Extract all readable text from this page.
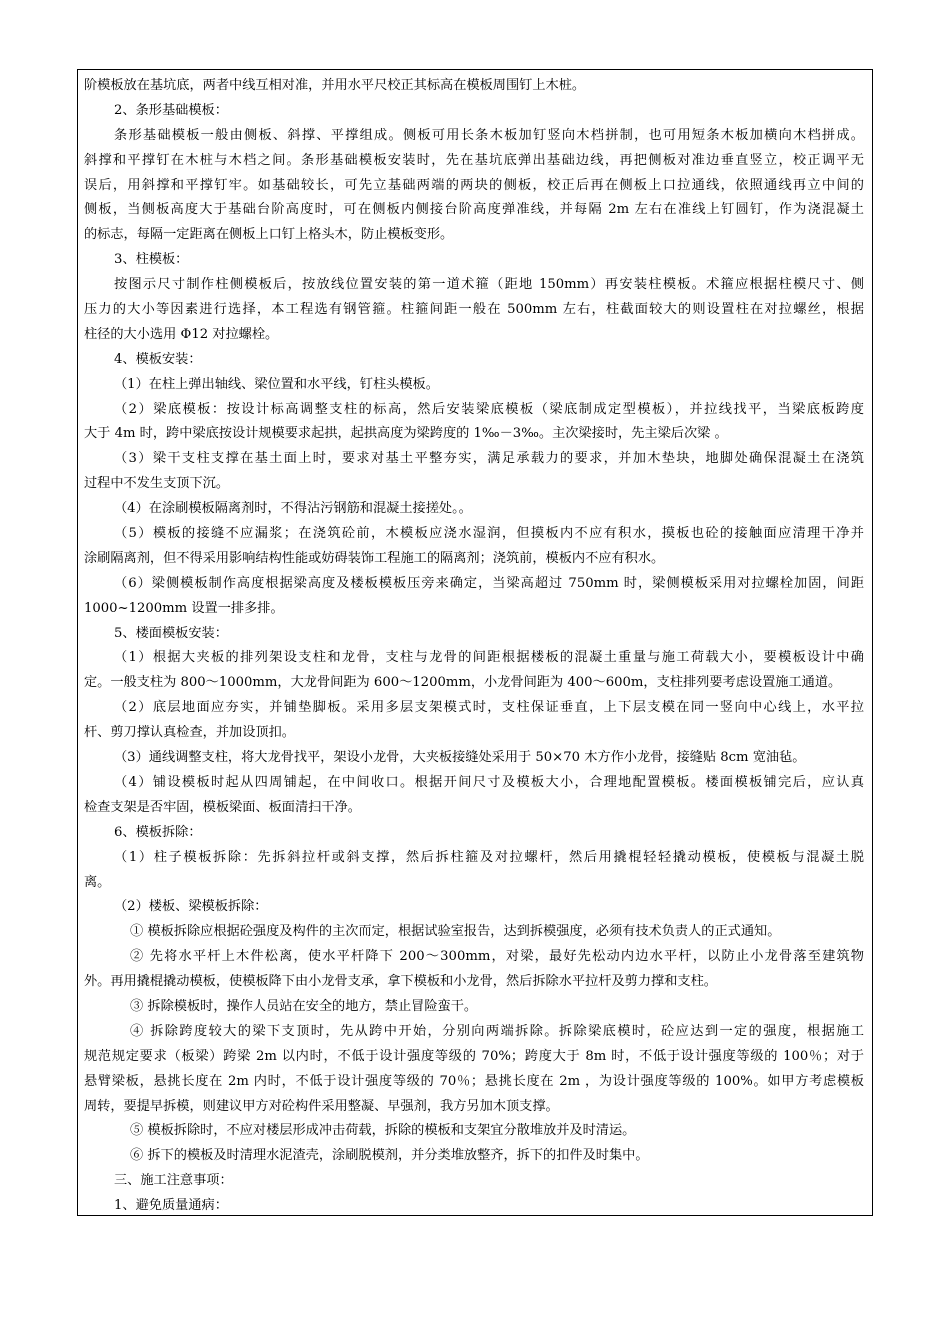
阶模板放在基坑底，两者中线互相对准，并用水平尺校正其标高在模板周围钉上木桩。
2、条形基础模板：
条形基础模板一般由侧板、斜撑、平撑组成。侧板可用长条木板加钉竖向木档拼制，也可用短条木板加横向木档拼成。
斜撑和平撑钉在木桩与木档之间。条形基础模板安装时，先在基坑底弹出基础边线，再把侧板对准边垂直竖立，校正调平无
误后，用斜撑和平撑钉牢。如基础较长，可先立基础两端的两块的侧板，校正后再在侧板上口拉通线，依照通线再立中间的
侧板，当侧板高度大于基础台阶高度时，可在侧板内侧接台阶高度弹准线，并每隔 2m 左右在准线上钉圆钉，作为浇混凝土
的标志，每隔一定距离在侧板上口钉上格头木，防止模板变形。
3、柱模板：
按图示尺寸制作柱侧模板后，按放线位置安装的第一道术箍（距地 150mm）再安装柱模板。术箍应根据柱模尺寸、侧
压力的大小等因素进行选择，本工程选有钢管箍。柱箍间距一般在 500mm 左右，柱截面较大的则设置柱在对拉螺丝，根据
柱径的大小选用 Φ12 对拉螺栓。
4、模板安装：
（1）在柱上弹出轴线、梁位置和水平线，钉柱头模板。
（2）梁底模板：按设计标高调整支柱的标高，然后安装梁底模板（梁底制成定型模板），并拉线找平，当梁底板跨度
大于 4m 时，跨中梁底按设计规模要求起拱，起拱高度为梁跨度的 1‰－3‰。主次梁接时，先主梁后次梁 。
（3）梁干支柱支撑在基土面上时，要求对基土平整夯实，满足承载力的要求，并加木垫块，地脚处确保混凝土在浇筑
过程中不发生支顶下沉。
（4）在涂刷模板隔离剂时，不得沾污钢筋和混凝土接搓处。。
（5）模板的接缝不应漏浆；在浇筑砼前，木模板应浇水湿润，但摸板内不应有积水，摸板也砼的接触面应清理干净并
涂刷隔离剂，但不得采用影响结构性能或妨碍装饰工程施工的隔离剂；浇筑前，模板内不应有积水。
（6）梁侧模板制作高度根据梁高度及楼板模板压旁来确定，当梁高超过 750mm 时，梁侧模板采用对拉螺栓加固，间距
1000~1200mm 设置一排多排。
5、楼面模板安装：
（1）根据大夹板的排列架设支柱和龙骨，支柱与龙骨的间距根据楼板的混凝土重量与施工荷载大小，要模板设计中确
定。一般支柱为 800～1000mm，大龙骨间距为 600～1200mm，小龙骨间距为 400～600m，支柱排列要考虑设置施工通道。
（2）底层地面应夯实，并铺垫脚板。采用多层支架模式时，支柱保证垂直，上下层支模在同一竖向中心线上，水平拉
杆、剪刀撑认真检查，并加设顶扣。
（3）通线调整支柱，将大龙骨找平，架设小龙骨，大夹板接缝处采用于 50×70 木方作小龙骨，接缝贴 8cm 宽油毡。
（4）铺设模板时起从四周铺起，在中间收口。根据开间尺寸及模板大小，合理地配置模板。楼面模板铺完后，应认真
检查支架是否牢固，模板梁面、板面清扫干净。
6、模板拆除：
（1）柱子模板拆除：先拆斜拉杆或斜支撑，然后拆柱箍及对拉螺杆，然后用撬棍轻轻撬动模板，使模板与混凝土脱
离。
（2）楼板、梁模板拆除：
① 模板拆除应根据砼强度及构件的主次而定，根据试验室报告，达到拆模强度，必须有技术负责人的正式通知。
② 先将水平杆上木件松离，使水平杆降下 200～300mm，对梁，最好先松动内边水平杆，以防止小龙骨落至建筑物
外。再用撬棍撬动模板，使模板降下由小龙骨支承，拿下模板和小龙骨，然后拆除水平拉杆及剪力撑和支柱。
③ 拆除模板时，操作人员站在安全的地方，禁止冒险蛮干。
④ 拆除跨度较大的梁下支顶时，先从跨中开始，分别向两端拆除。拆除梁底模时，砼应达到一定的强度，根据施工
规范规定要求（板梁）跨梁 2m 以内时，不低于设计强度等级的 70%；跨度大于 8m 时，不低于设计强度等级的 100％；对于
悬臂梁板，悬挑长度在 2m 内时，不低于设计强度等级的 70％；悬挑长度在 2m ，为设计强度等级的 100%。如甲方考虑模板
周转，要提早拆模，则建议甲方对砼构件采用整凝、早强剂，我方另加木顶支撑。
⑤ 模板拆除时，不应对楼层形成冲击荷载，拆除的模板和支架宜分散堆放并及时清运。
⑥ 拆下的模板及时清理水泥渣壳，涂刷脱模剂，并分类堆放整齐，拆下的扣件及时集中。
三、施工注意事项：
1、避免质量通病：
